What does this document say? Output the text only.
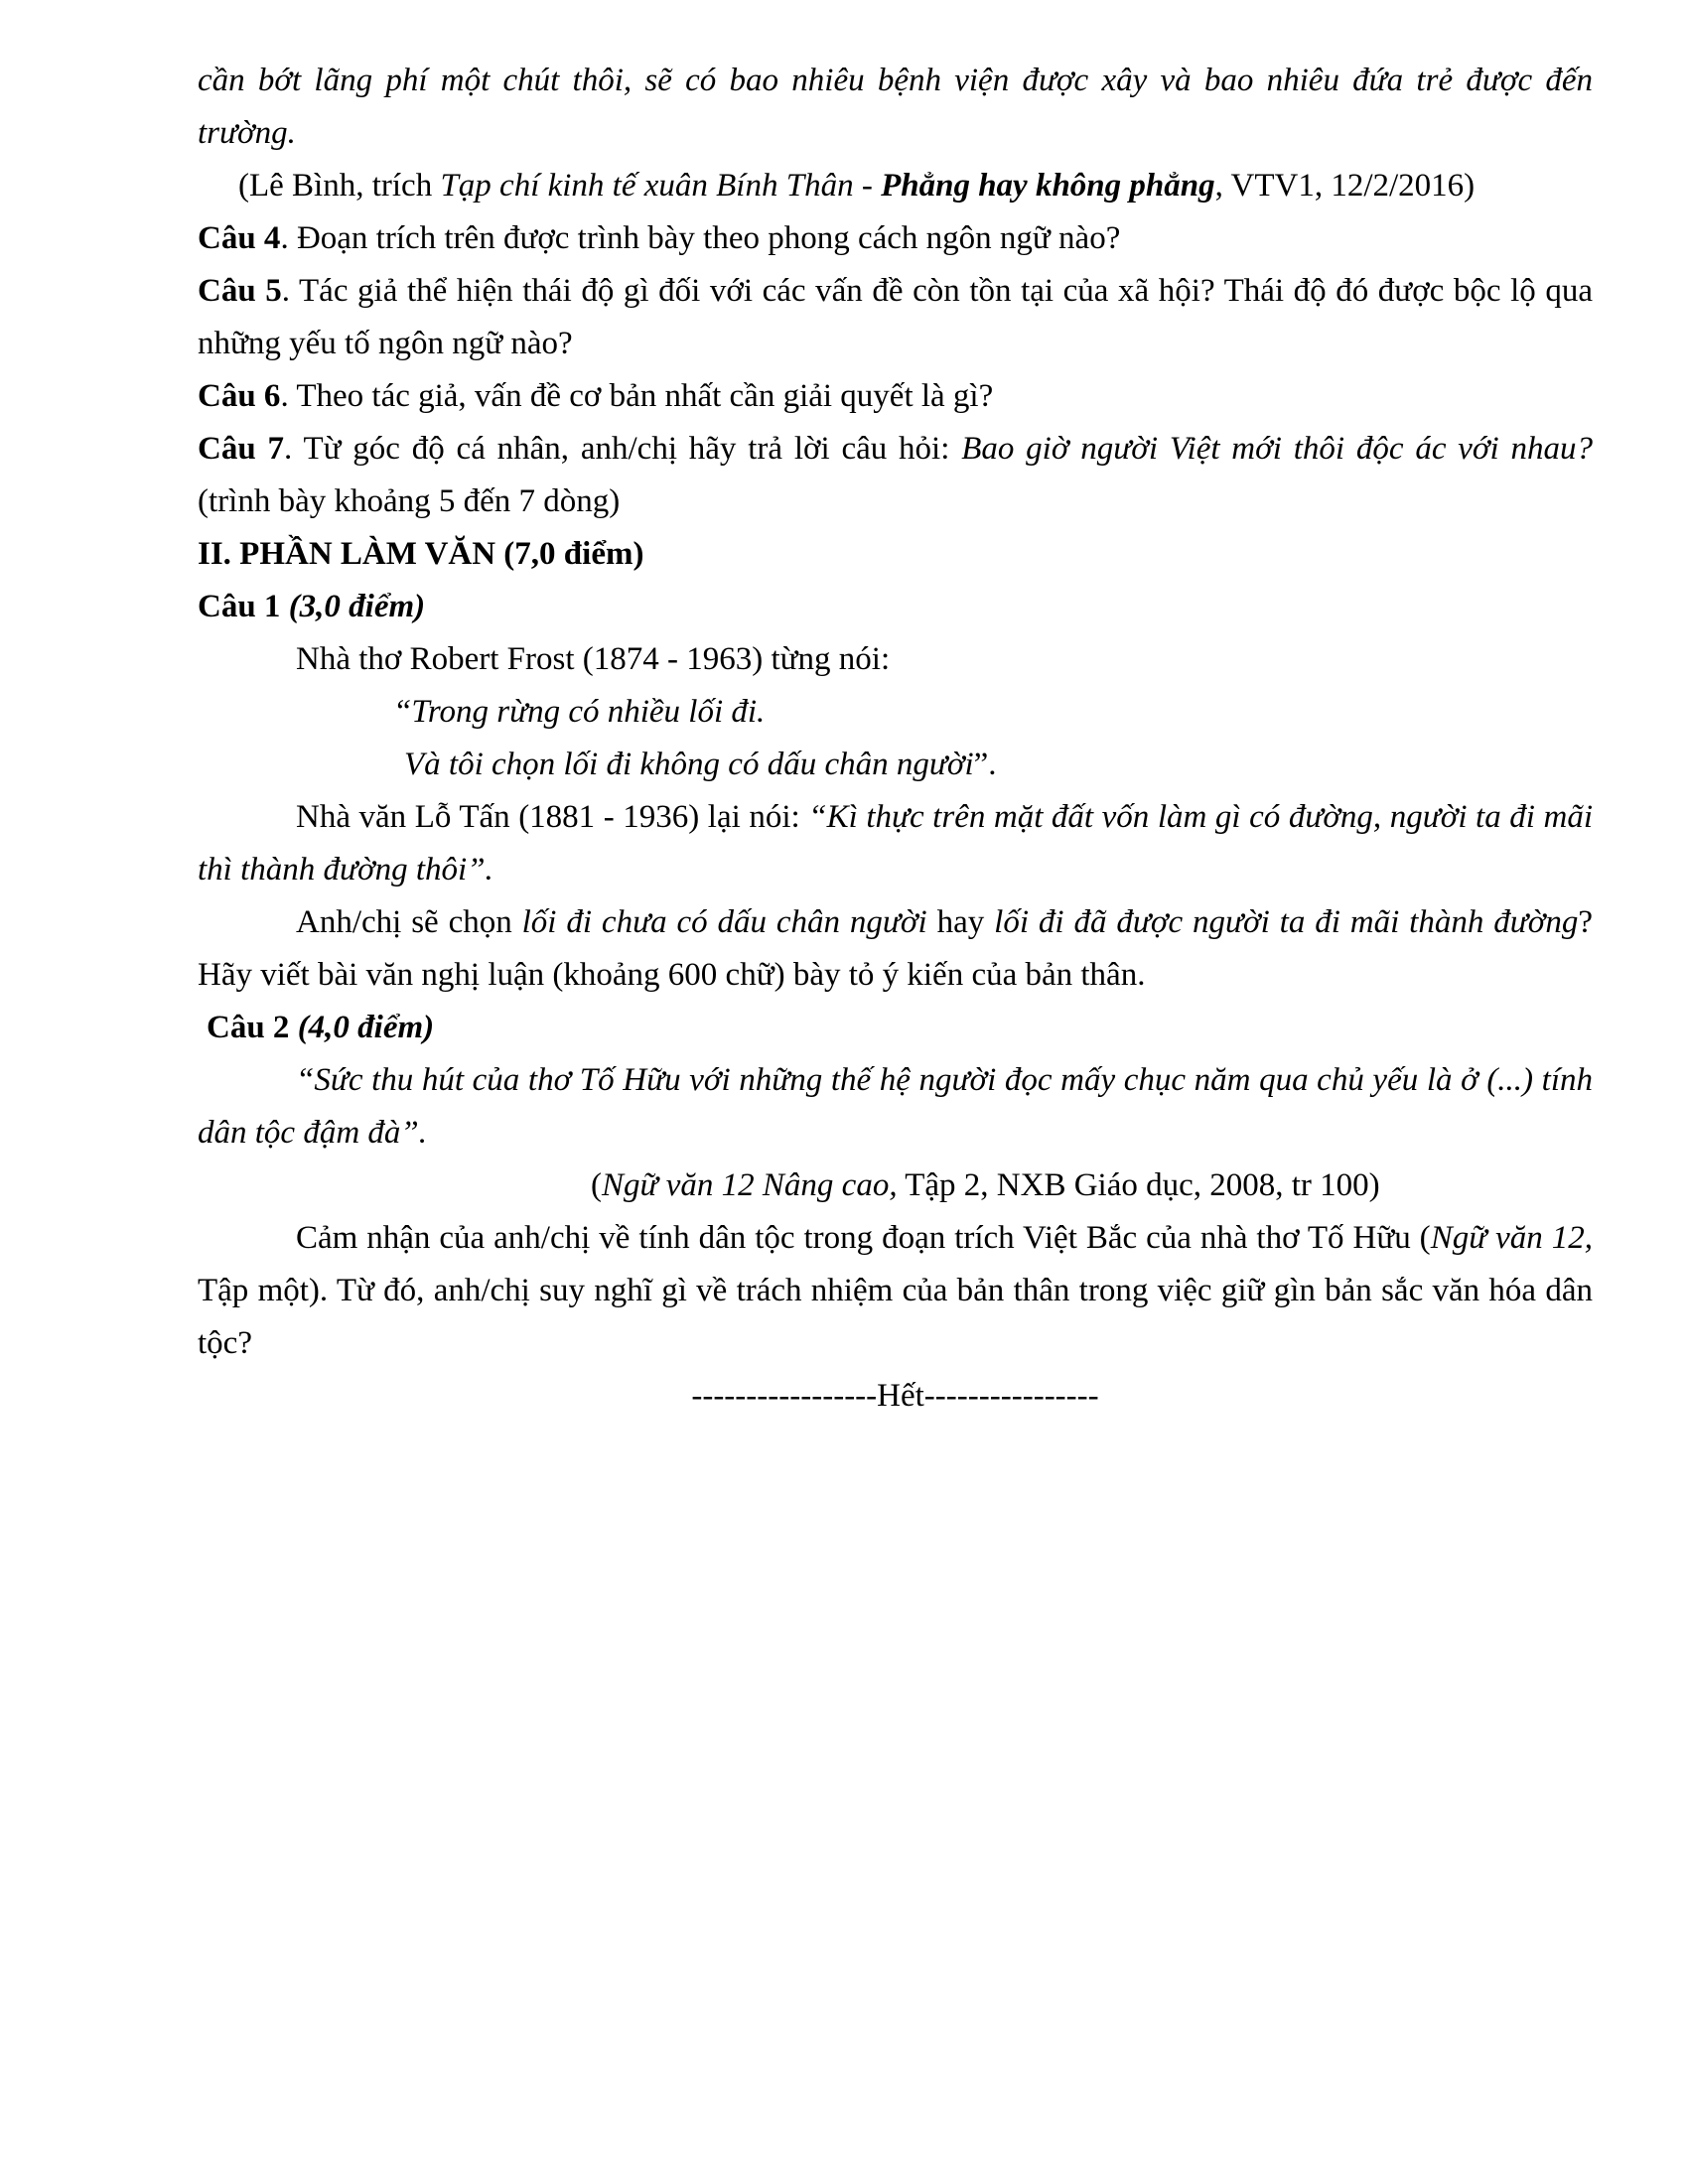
cần bớt lãng phí một chút thôi, sẽ có bao nhiêu bệnh viện được xây và bao nhiêu đứa trẻ được đến trường.

(Lê Bình, trích Tạp chí kinh tế xuân Bính Thân - Phẳng hay không phẳng, VTV1, 12/2/2016)

Câu 4. Đoạn trích trên được trình bày theo phong cách ngôn ngữ nào?

Câu 5. Tác giả thể hiện thái độ gì đối với các vấn đề còn tồn tại của xã hội? Thái độ đó được bộc lộ qua những yếu tố ngôn ngữ nào?

Câu 6. Theo tác giả, vấn đề cơ bản nhất cần giải quyết là gì?

Câu 7. Từ góc độ cá nhân, anh/chị hãy trả lời câu hỏi: Bao giờ người Việt mới thôi độc ác với nhau? (trình bày khoảng 5 đến 7 dòng)

II. PHẦN LÀM VĂN (7,0 điểm)

Câu 1 (3,0 điểm)

Nhà thơ Robert Frost (1874 - 1963) từng nói:

“Trong rừng có nhiều lối đi.

Và tôi chọn lối đi không có dấu chân người”.

Nhà văn Lỗ Tấn (1881 - 1936) lại nói: “Kì thực trên mặt đất vốn làm gì có đường, người ta đi mãi thì thành đường thôi”.

Anh/chị sẽ chọn lối đi chưa có dấu chân người hay lối đi đã được người ta đi mãi thành đường? Hãy viết bài văn nghị luận (khoảng 600 chữ) bày tỏ ý kiến của bản thân.

Câu 2 (4,0 điểm)

“Sức thu hút của thơ Tố Hữu với những thế hệ người đọc mấy chục năm qua chủ yếu là ở (...) tính dân tộc đậm đà”.

(Ngữ văn 12 Nâng cao, Tập 2, NXB Giáo dục, 2008, tr 100)

Cảm nhận của anh/chị về tính dân tộc trong đoạn trích Việt Bắc của nhà thơ Tố Hữu (Ngữ văn 12, Tập một). Từ đó, anh/chị suy nghĩ gì về trách nhiệm của bản thân trong việc giữ gìn bản sắc văn hóa dân tộc?

-----------------Hết----------------
